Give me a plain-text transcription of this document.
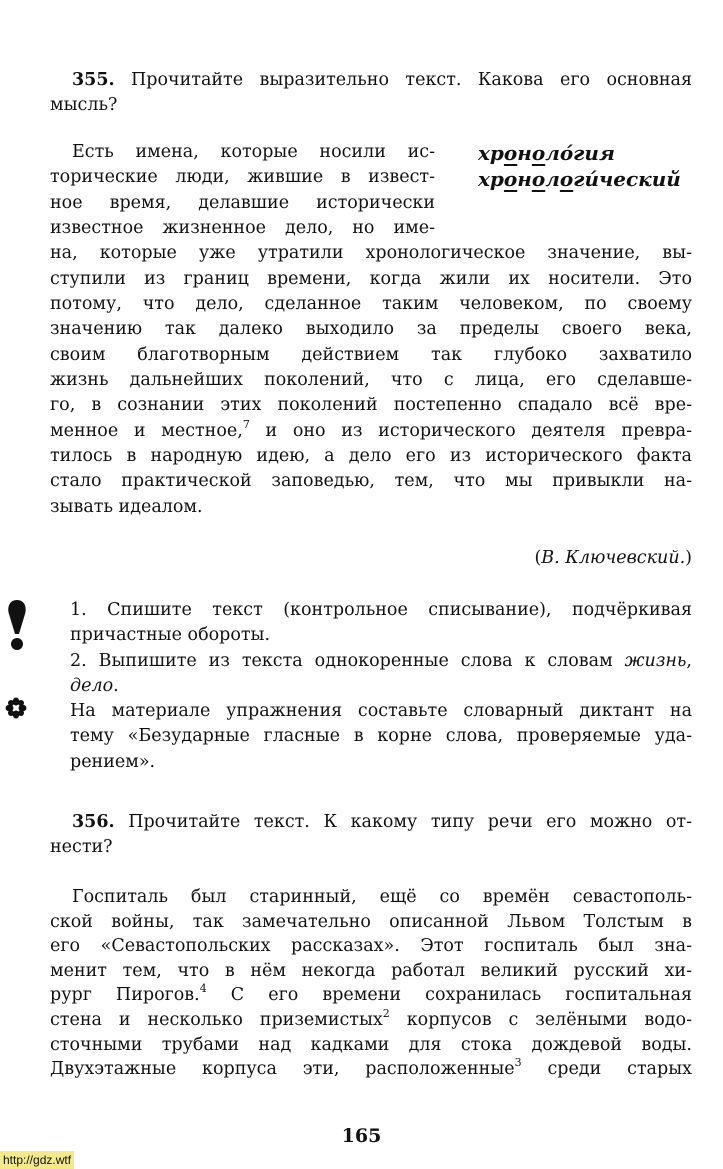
355. Прочитайте выразительно текст. Какова его основная
мысль?
хроноло́гия
хронологи́ческий
Есть имена, которые носили ис-
торические люди, жившие в извест-
ное время, делавшие исторически
известное жизненное дело, но име-
на, которые уже утратили хронологическое значение, вы-
ступили из границ времени, когда жили их носители. Это
потому, что дело, сделанное таким человеком, по своему
значению так далеко выходило за пределы своего века,
своим благотворным действием так глубоко захватило
жизнь дальнейших поколений, что с лица, его сделавше-
го, в сознании этих поколений постепенно спадало всё вре-
менное и местное,$^7$ и оно из исторического деятеля превра-
тилось в народную идею, а дело его из исторического факта
стало практической заповедью, тем, что мы привыкли на-
зывать идеалом.
(В. Ключевский.)
1. Спишите текст (контрольное списывание), подчёркивая
причастные обороты.
2. Выпишите из текста однокоренные слова к словам жизнь,
дело.
На материале упражнения составьте словарный диктант на
тему «Безударные гласные в корне слова, проверяемые уда-
рением».
356. Прочитайте текст. К какому типу речи его можно от-
нести?
Госпиталь был старинный, ещё со времён севастополь-
ской войны, так замечательно описанной Львом Толстым в
его «Севастопольских рассказах». Этот госпиталь был зна-
менит тем, что в нём некогда работал великий русский хи-
рург Пирогов.$^4$ С его времени сохранилась госпитальная
стена и несколько приземистых$^2$ корпусов с зелёными водо-
сточными трубами над кадками для стока дождевой воды.
Двухэтажные корпуса эти, расположенные$^3$ среди старых
165
http://gdz.wtf
